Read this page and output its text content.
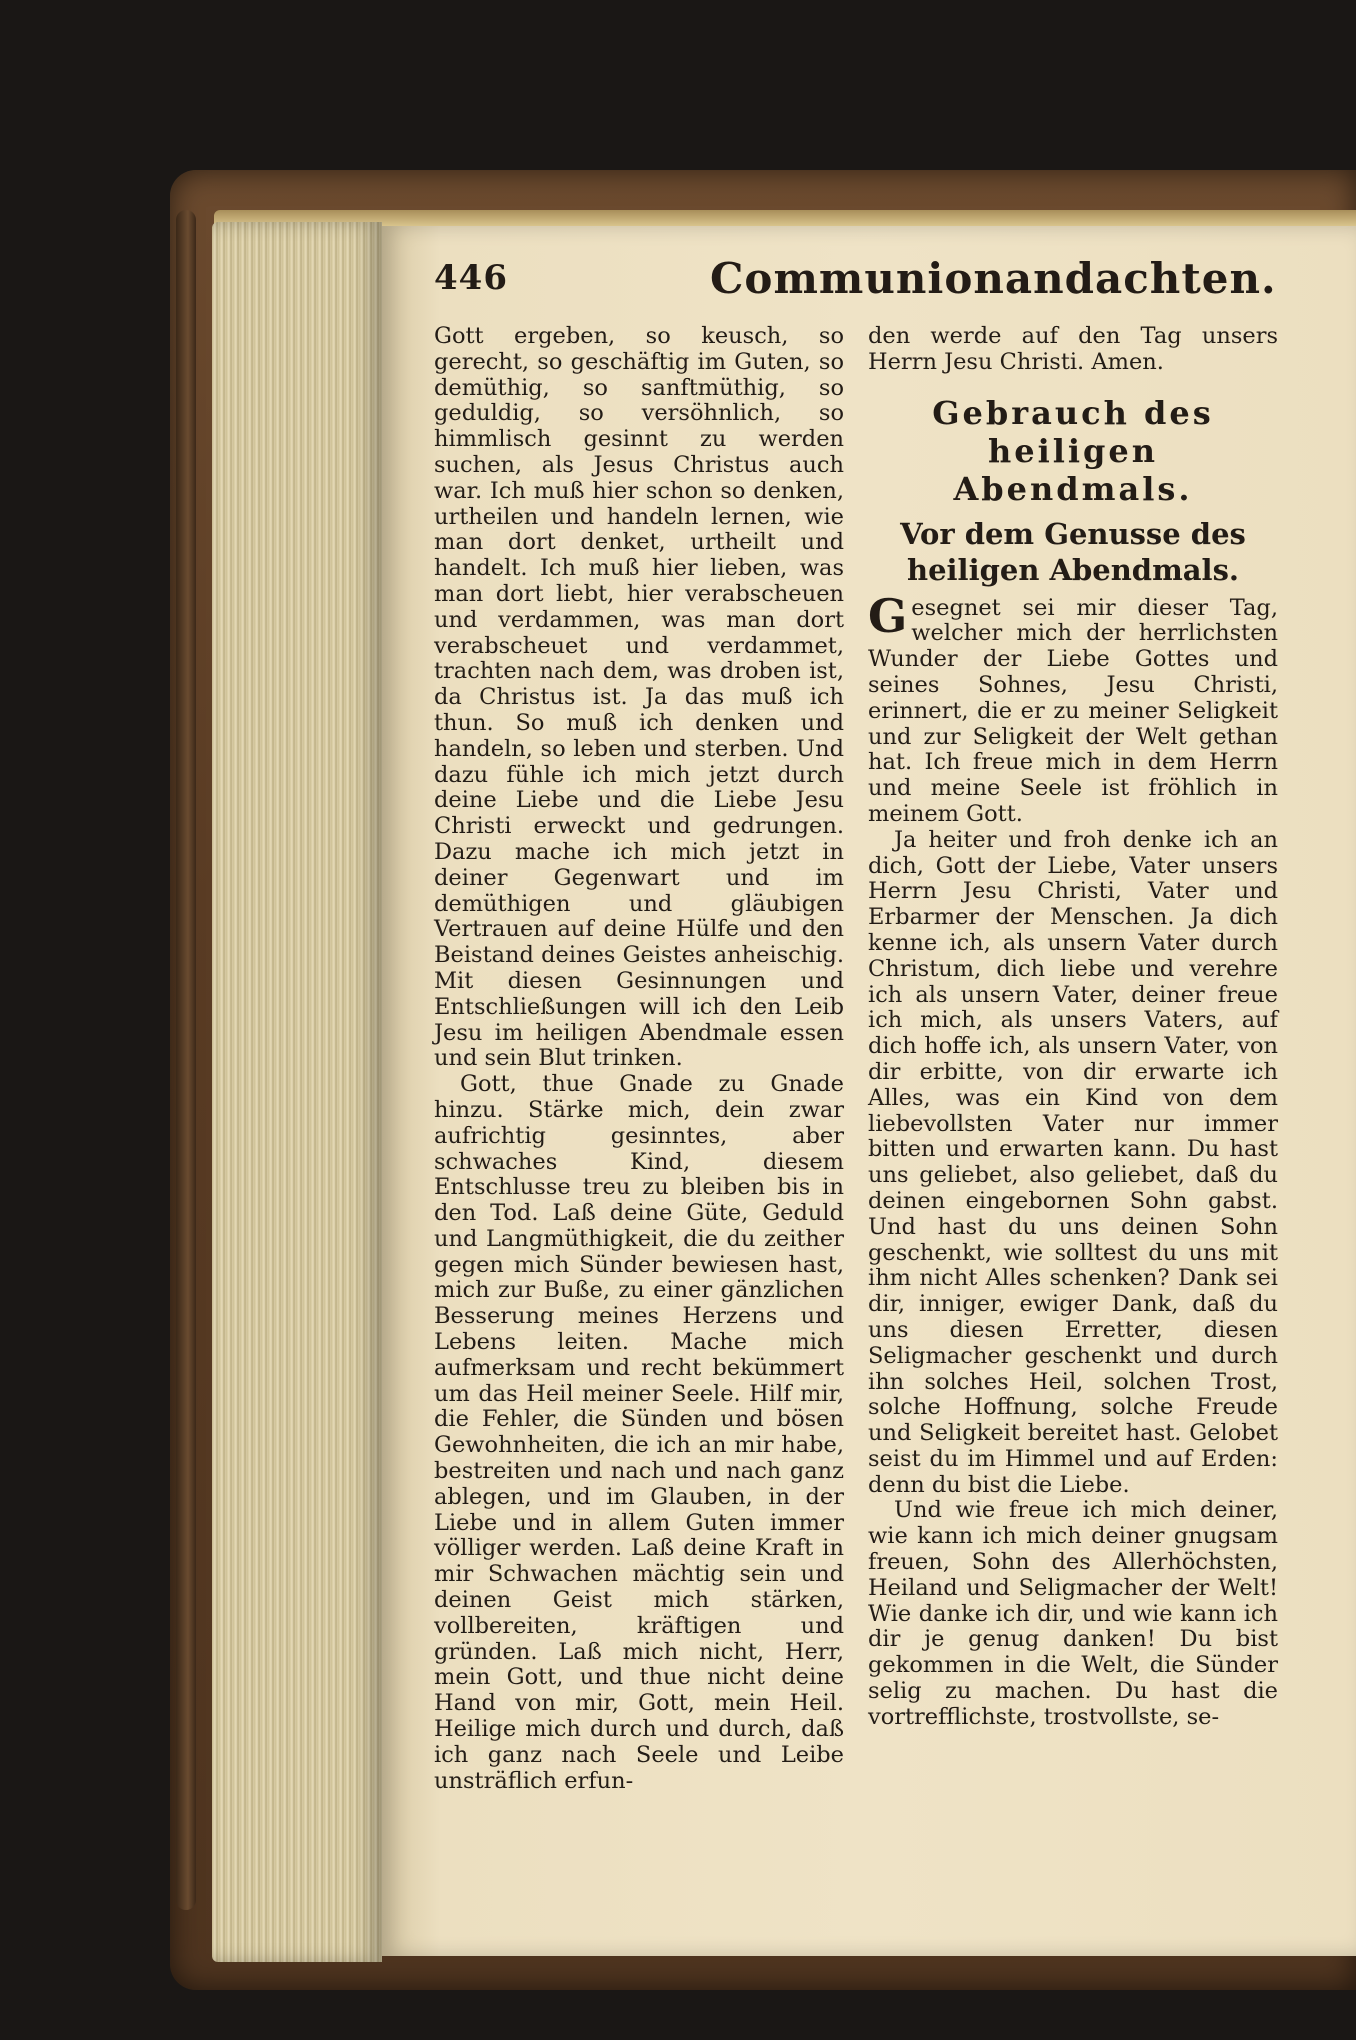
446	Communionandachten.

Gott ergeben, so keusch, so gerecht, so geschäftig im Guten, so demüthig, so sanftmüthig, so geduldig, so versöhnlich, so himmlisch gesinnt zu werden suchen, als Jesus Christus auch war. Ich muß hier schon so denken, urtheilen und handeln lernen, wie man dort denket, urtheilt und handelt. Ich muß hier lieben, was man dort liebt, hier verabscheuen und verdammen, was man dort verabscheuet und verdammet, trachten nach dem, was droben ist, da Christus ist. Ja das muß ich thun. So muß ich denken und handeln, so leben und sterben. Und dazu fühle ich mich jetzt durch deine Liebe und die Liebe Jesu Christi erweckt und gedrungen. Dazu mache ich mich jetzt in deiner Gegenwart und im demüthigen und gläubigen Vertrauen auf deine Hülfe und den Beistand deines Geistes anheischig. Mit diesen Gesinnungen und Entschließungen will ich den Leib Jesu im heiligen Abendmale essen und sein Blut trinken.

Gott, thue Gnade zu Gnade hinzu. Stärke mich, dein zwar aufrichtig gesinntes, aber schwaches Kind, diesem Entschlusse treu zu bleiben bis in den Tod. Laß deine Güte, Geduld und Langmüthigkeit, die du zeither gegen mich Sünder bewiesen hast, mich zur Buße, zu einer gänzlichen Besserung meines Herzens und Lebens leiten. Mache mich aufmerksam und recht bekümmert um das Heil meiner Seele. Hilf mir, die Fehler, die Sünden und bösen Gewohnheiten, die ich an mir habe, bestreiten und nach und nach ganz ablegen, und im Glauben, in der Liebe und in allem Guten immer völliger werden. Laß deine Kraft in mir Schwachen mächtig sein und deinen Geist mich stärken, vollbereiten, kräftigen und gründen. Laß mich nicht, Herr, mein Gott, und thue nicht deine Hand von mir, Gott, mein Heil. Heilige mich durch und durch, daß ich ganz nach Seele und Leibe unsträflich erfun-

den werde auf den Tag unsers Herrn Jesu Christi. Amen.

Gebrauch des heiligen
Abendmals.
Vor dem Genusse des heiligen Abendmals.

Gesegnet sei mir dieser Tag, welcher mich der herrlichsten Wunder der Liebe Gottes und seines Sohnes, Jesu Christi, erinnert, die er zu meiner Seligkeit und zur Seligkeit der Welt gethan hat. Ich freue mich in dem Herrn und meine Seele ist fröhlich in meinem Gott.

Ja heiter und froh denke ich an dich, Gott der Liebe, Vater unsers Herrn Jesu Christi, Vater und Erbarmer der Menschen. Ja dich kenne ich, als unsern Vater durch Christum, dich liebe und verehre ich als unsern Vater, deiner freue ich mich, als unsers Vaters, auf dich hoffe ich, als unsern Vater, von dir erbitte, von dir erwarte ich Alles, was ein Kind von dem liebevollsten Vater nur immer bitten und erwarten kann. Du hast uns geliebet, also geliebet, daß du deinen eingebornen Sohn gabst. Und hast du uns deinen Sohn geschenkt, wie solltest du uns mit ihm nicht Alles schenken? Dank sei dir, inniger, ewiger Dank, daß du uns diesen Erretter, diesen Seligmacher geschenkt und durch ihn solches Heil, solchen Trost, solche Hoffnung, solche Freude und Seligkeit bereitet hast. Gelobet seist du im Himmel und auf Erden: denn du bist die Liebe.

Und wie freue ich mich deiner, wie kann ich mich deiner gnugsam freuen, Sohn des Allerhöchsten, Heiland und Seligmacher der Welt! Wie danke ich dir, und wie kann ich dir je genug danken! Du bist gekommen in die Welt, die Sünder selig zu machen. Du hast die vortrefflichste, trostvollste, se-
